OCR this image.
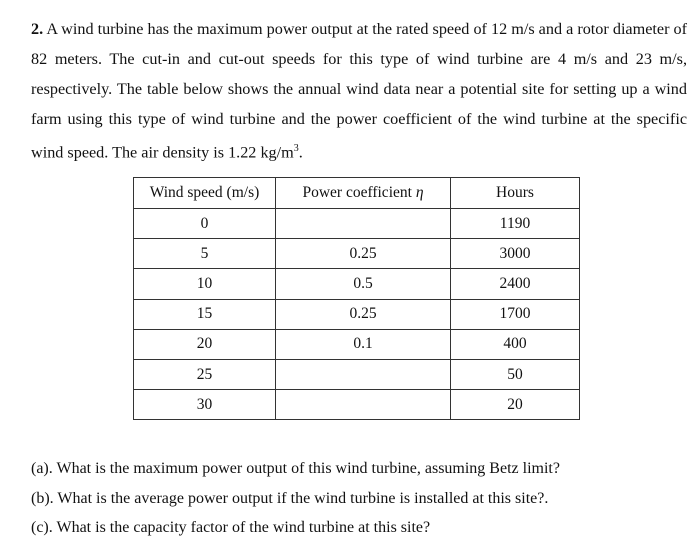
2. A wind turbine has the maximum power output at the rated speed of 12 m/s and a rotor diameter of 82 meters. The cut-in and cut-out speeds for this type of wind turbine are 4 m/s and 23 m/s, respectively. The table below shows the annual wind data near a potential site for setting up a wind farm using this type of wind turbine and the power coefficient of the wind turbine at the specific wind speed. The air density is 1.22 $kg/m^3$.
Wind speed (m/s)	Power coefficient η	Hours
0		1190
5	0.25	3000
10	0.5	2400
15	0.25	1700
20	0.1	400
25		50
30		20
(a). What is the maximum power output of this wind turbine, assuming Betz limit?
(b). What is the average power output if the wind turbine is installed at this site?.
(c). What is the capacity factor of the wind turbine at this site?
